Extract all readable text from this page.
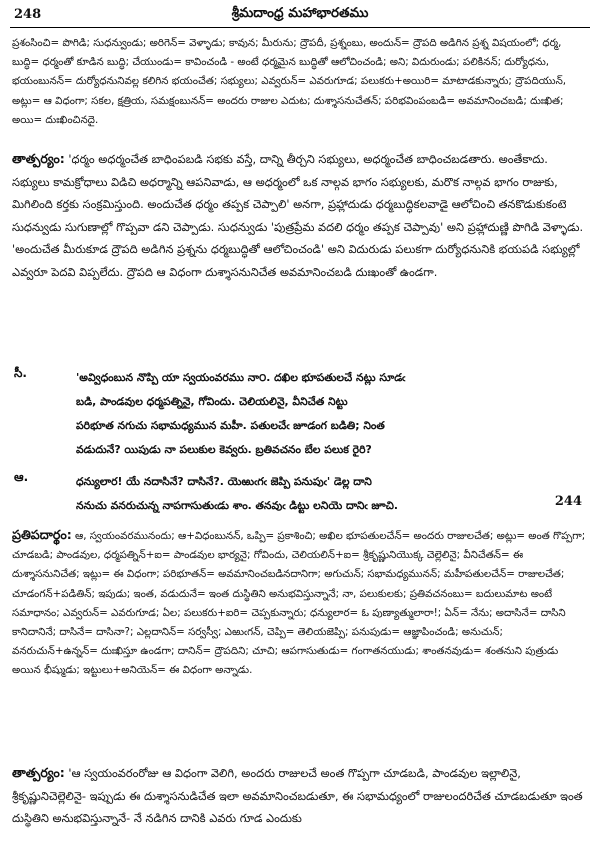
248	శ్రీమదాంధ్ర మహాభారతము

ప్రశంసించి= పొగిడి; సుధన్వుండు; అరిగెన్= వెళ్ళాడు; కావున; మీరును; ద్రౌపదీ, ప్రశ్నంబు, అందున్= ద్రౌపది అడిగిన ప్రశ్న విషయంలో; ధర్మ, బుద్ధి= ధర్మంతో కూడిన బుద్ధి; చేయుండు= కావించండి - అంటే ధర్మమైన బుద్ధితో ఆలోచించండి; అని; విదురుండు; పలికినన్; దుర్యోధను, భయంబునన్= దుర్యోధనునివల్ల కలిగిన భయంచేత; సభ్యులు; ఎవ్వరున్= ఎవరుగూడ; పలుకరు+అయిరి= మాటాడకున్నారు; ద్రౌపదియున్, అట్లు= ఆ విధంగా; సకల, క్షత్రియ, సమక్షంబునన్= అందరు రాజుల ఎదుట; దుశ్శాసనుచేతన్; పరిభవింపంబడి= అవమానించబడి; దుఃఖిత; అయి= దుఃఖించినదై.

తాత్పర్యం: 'ధర్మం అధర్మంచేత బాధింపబడి సభకు వస్తే, దాన్ని తీర్చని సభ్యులు, అధర్మంచేత బాధించబడతారు. అంతేకాదు. సభ్యులు కామక్రోధాలు విడిచి అధర్మాన్ని ఆపనివాడు, ఆ అధర్మంలో ఒక నాల్గవ భాగం సభ్యులకు, మరొక నాల్గవ భాగం రాజుకు, మిగిలింది కర్తకు సంక్రమిస్తుంది. అందుచేత ధర్మం తప్పక చెప్పాలి' అనగా, ప్రహ్లాదుడు ధర్మబుద్ధికలవాడై ఆలోచించి తనకొడుకుకంటె సుధన్వుడు సుగుణాల్లో గొప్పవా డని చెప్పాడు. సుధన్వుడు 'పుత్రప్రేమ వదలి ధర్మం తప్పక చెప్పావు' అని ప్రహ్లాదుణ్ణి పొగిడి వెళ్ళాడు. 'అందుచేత మీరుకూడ ద్రౌపది అడిగిన ప్రశ్నను ధర్మబుద్ధితో ఆలోచించండి' అని విదురుడు పలుకగా దుర్యోధనునికి భయపడి సభ్యుల్లో ఎవ్వరూ పెదవి విప్పలేదు. ద్రౌపది ఆ విధంగా దుశ్శాసనునిచేత అవమానించబడి దుఃఖంతో ఉండగా.

సీ.	'అవ్విధంబున నొప్పి యా స్వయంవరము నా౦. దఖిల భూపతులచే నట్లు సూడఁ
బడి, పాండవుల ధర్మపత్నినై, గోవిందు. చెలియలినై, వీనిచేత నిట్టు
పరిభూత నగుచు సభామధ్యమున మహీ. పతులచేఁ జూడంగ బడితి; నింత
వడుదునే? యిపుడు నా పలుకుల కెవ్వరు. బ్రతివచనం బేల పలుక రైరి?
ఆ.	ధన్యులార! యే నదాసినే? దాసినే?. యెఱుఁగఁ జెప్పి పనుపుఁ' డెల్ల దాని
ననుచు వనరుచున్న నాపగాసుతుఁడు శాం. తనవుఁ డిట్టు లనియె దానిఁ జూచి.	244

ప్రతిపదార్థం: ఆ, స్వయంవరమునందు; ఆ+విధంబునన్, ఒప్పి= ప్రకాశించి; అఖిల భూపతులచేన్= అందరు రాజులచేత; అట్లు= అంత గొప్పగా; చూడబడి; పాండవుల, ధర్మపత్నిన్+ఐ= పాండవుల భార్యనై; గోవిందు, చెలియలిన్+ఐ= శ్రీకృష్ణునియొక్క చెల్లెలినై; వీనిచేతన్= ఈ దుశ్శాసనునిచేత; ఇట్లు= ఈ విధంగా; పరిభూతన్= అవమానించబడినదానిగా; అగుచున్; సభామధ్యమునన్; మహీపతులచేన్= రాజులచేత; చూడంగన్+పడితిన్; ఇపుడు; ఇంత, వడుదునే= ఇంత దుస్థితిని అనుభవిస్తున్నానే; నా, పలుకులకు; ప్రతివచనంబు= బదులుమాట అంటే సమాధానం; ఎవ్వరున్= ఎవరుగూడ; ఏల; పలుకరు+ఐరి= చెప్పకున్నారు; ధన్యులార= ఓ పుణ్యాత్ములారా!; ఏన్= నేను; అదాసినే= దాసిని కానిదానినే; దాసినే= దాసినా?; ఎల్లదానిన్= సర్వస్వీ; ఎఱుఁగన్, చెప్పి= తెలియజెప్పి; పనుపుడు= ఆజ్ఞాపించండి; అనుచున్; వనరుచున్+ఉన్నన్= దుఃఖిస్తూ ఉండగా; దానిన్= ద్రౌపదిని; చూచి; ఆపగాసుతుడు= గంగాతనయుడు; శాంతనవుడు= శంతనుని పుత్రుడు అయిన భీష్ముడు; ఇట్టులు+అనియెన్= ఈ విధంగా అన్నాడు.

తాత్పర్యం: 'ఆ స్వయంవరంరోజు ఆ విధంగా వెలిగి, అందరు రాజులచే అంత గొప్పగా చూడబడి, పాండవుల ఇల్లాలినై, శ్రీకృష్ణునిచెల్లెలినై- ఇప్పుడు ఈ దుశ్శాసనుడిచేత ఇలా అవమానించబడుతూ, ఈ సభామధ్యంలో రాజులందరిచేత చూడబడుతూ ఇంత దుస్థితిని అనుభవిస్తున్నానే- నే నడిగిన దానికి ఎవరు గూడ ఎందుకు
